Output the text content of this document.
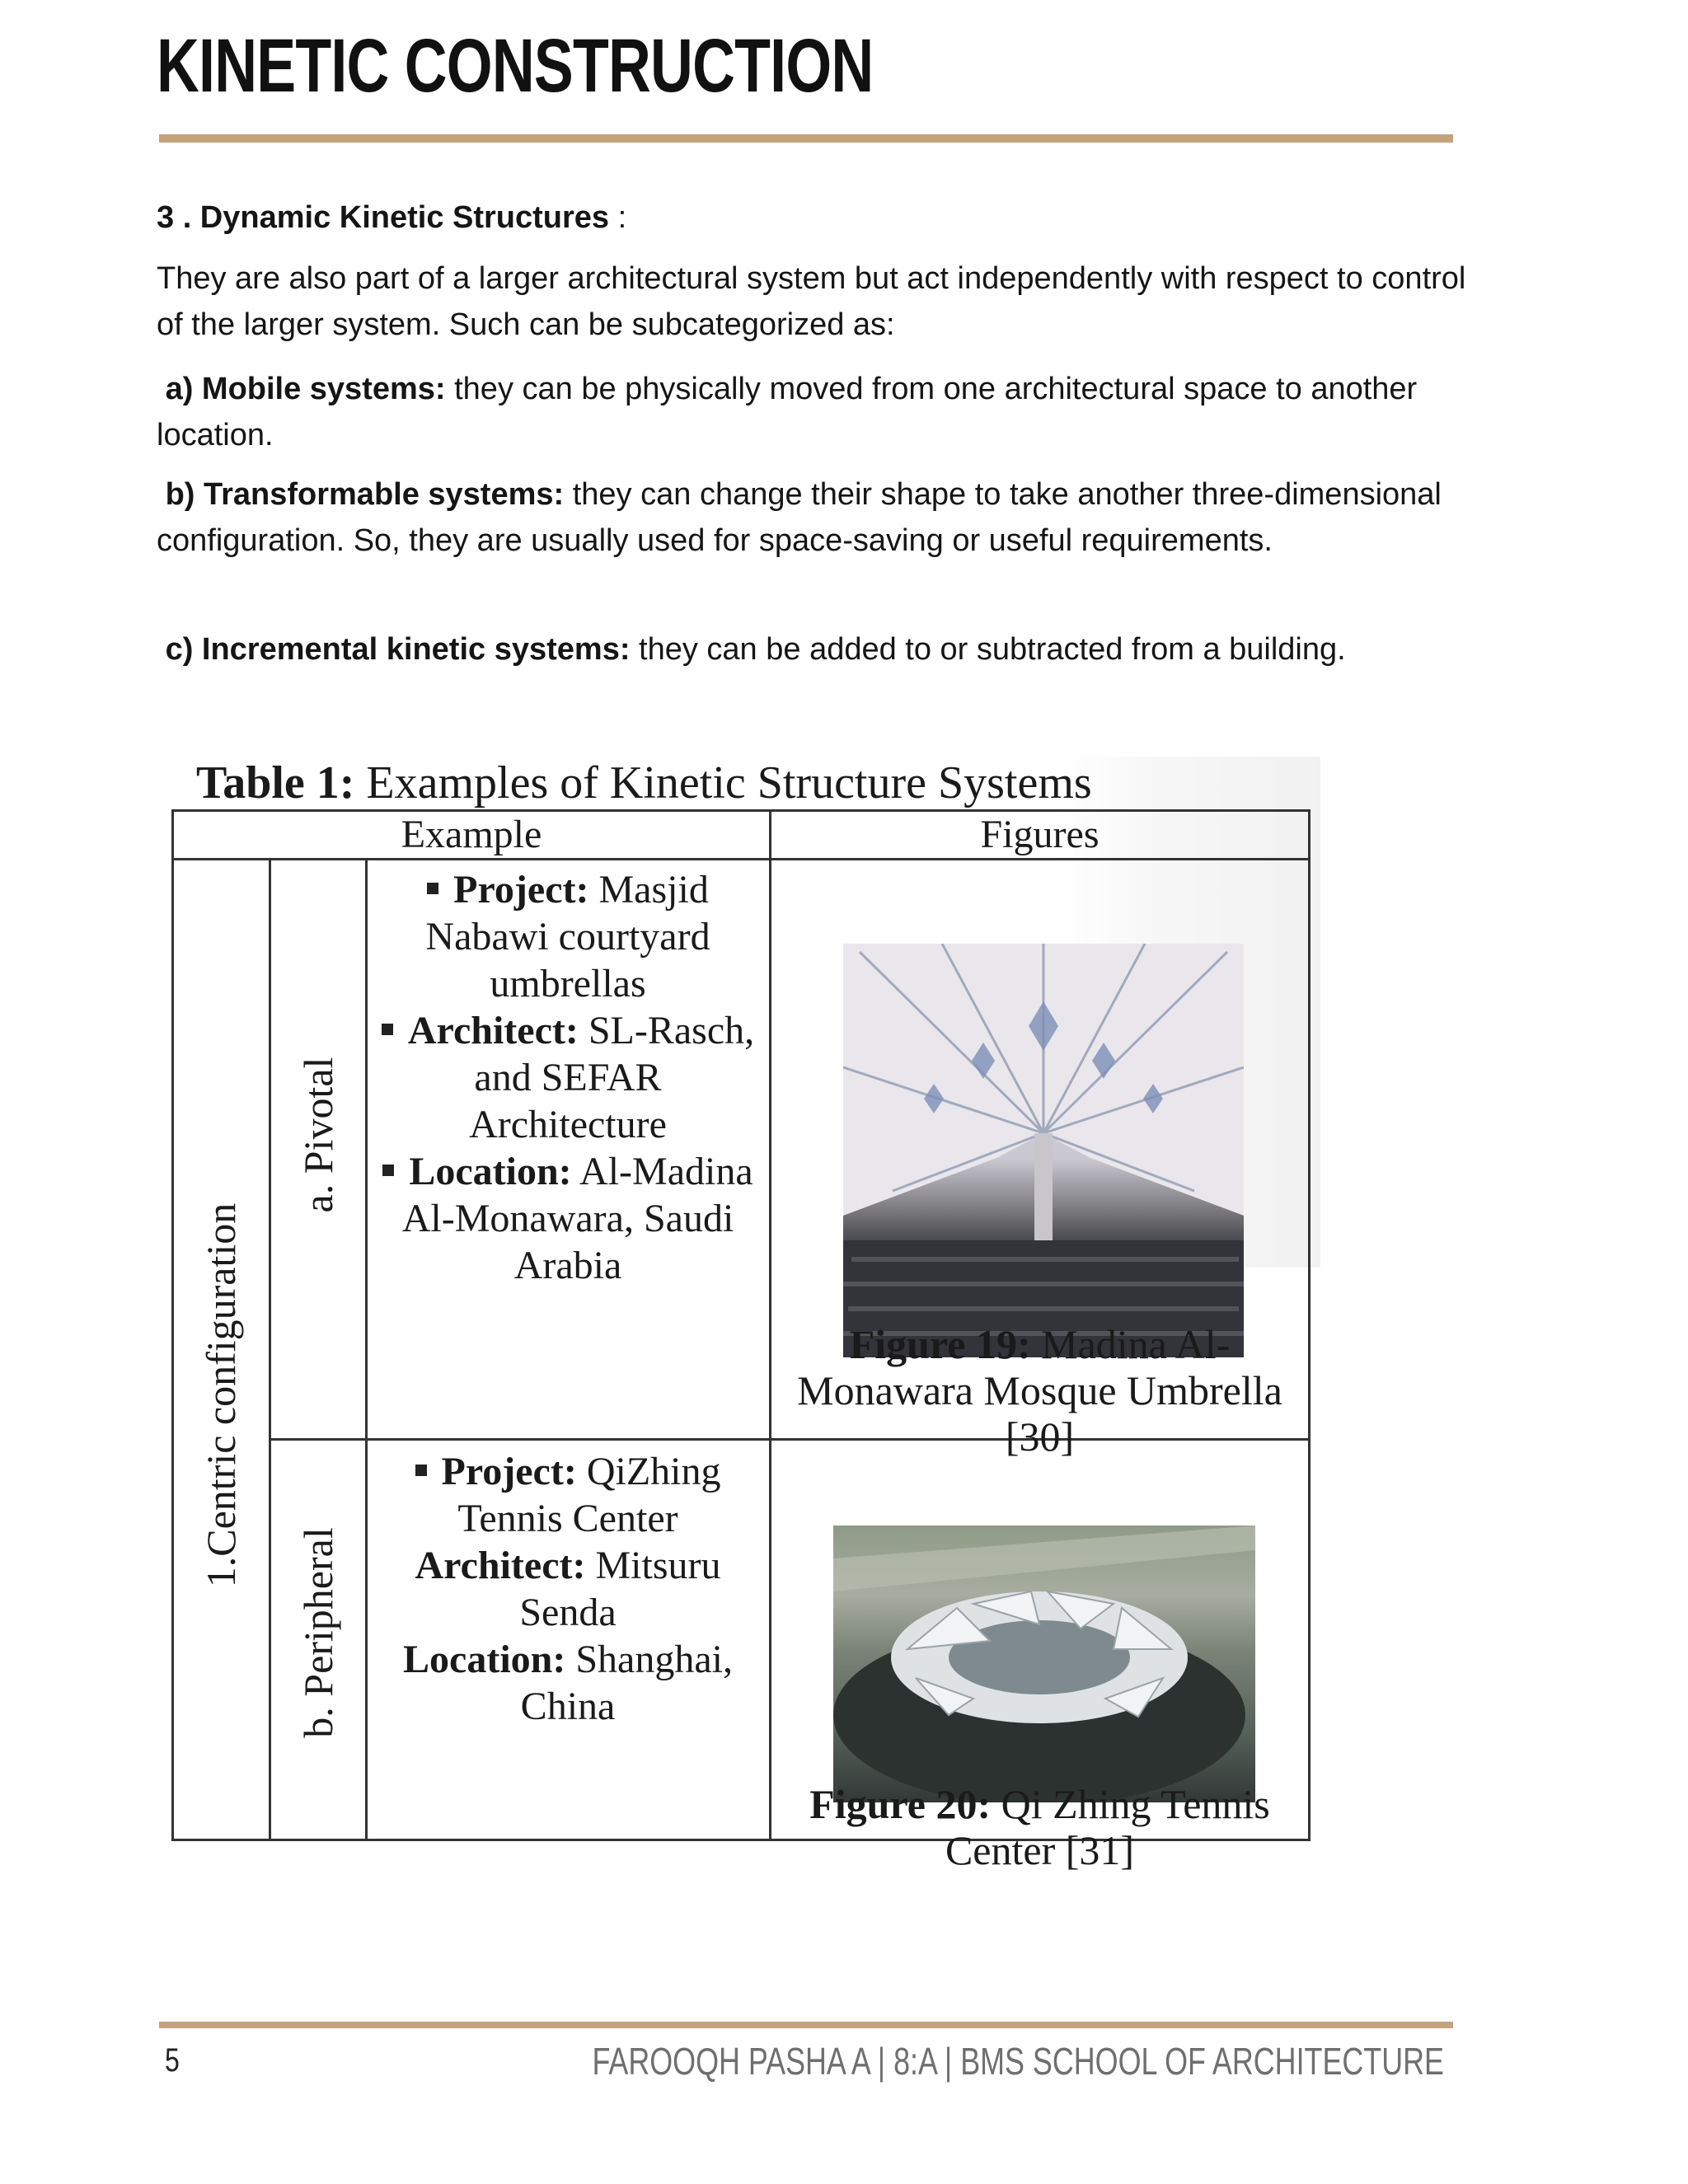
KINETIC CONSTRUCTION

3 . Dynamic Kinetic Structures :

They are also part of a larger architectural system but act independently with respect to control of the larger system. Such can be subcategorized as:

a) Mobile systems: they can be physically moved from one architectural space to another location.

b) Transformable systems: they can change their shape to take another three-dimensional configuration. So, they are usually used for space-saving or useful requirements.

c) Incremental kinetic systems: they can be added to or subtracted from a building.

Table 1: Examples of Kinetic Structure Systems
Example	Figures
1.Centric configuration
a. Pivotal
b. Peripheral
Project: Masjid Nabawi courtyard umbrellas
Architect: SL-Rasch, and SEFAR Architecture
Location: Al-Madina Al-Monawara, Saudi Arabia
Figure 19: Madina Al-Monawara Mosque Umbrella [30]
Project: QiZhing Tennis Center
Architect: Mitsuru Senda
Location: Shanghai, China
Figure 20: Qi Zhing Tennis Center [31]
5	FAROOQH PASHA A | 8:A | BMS SCHOOL OF ARCHITECTURE
